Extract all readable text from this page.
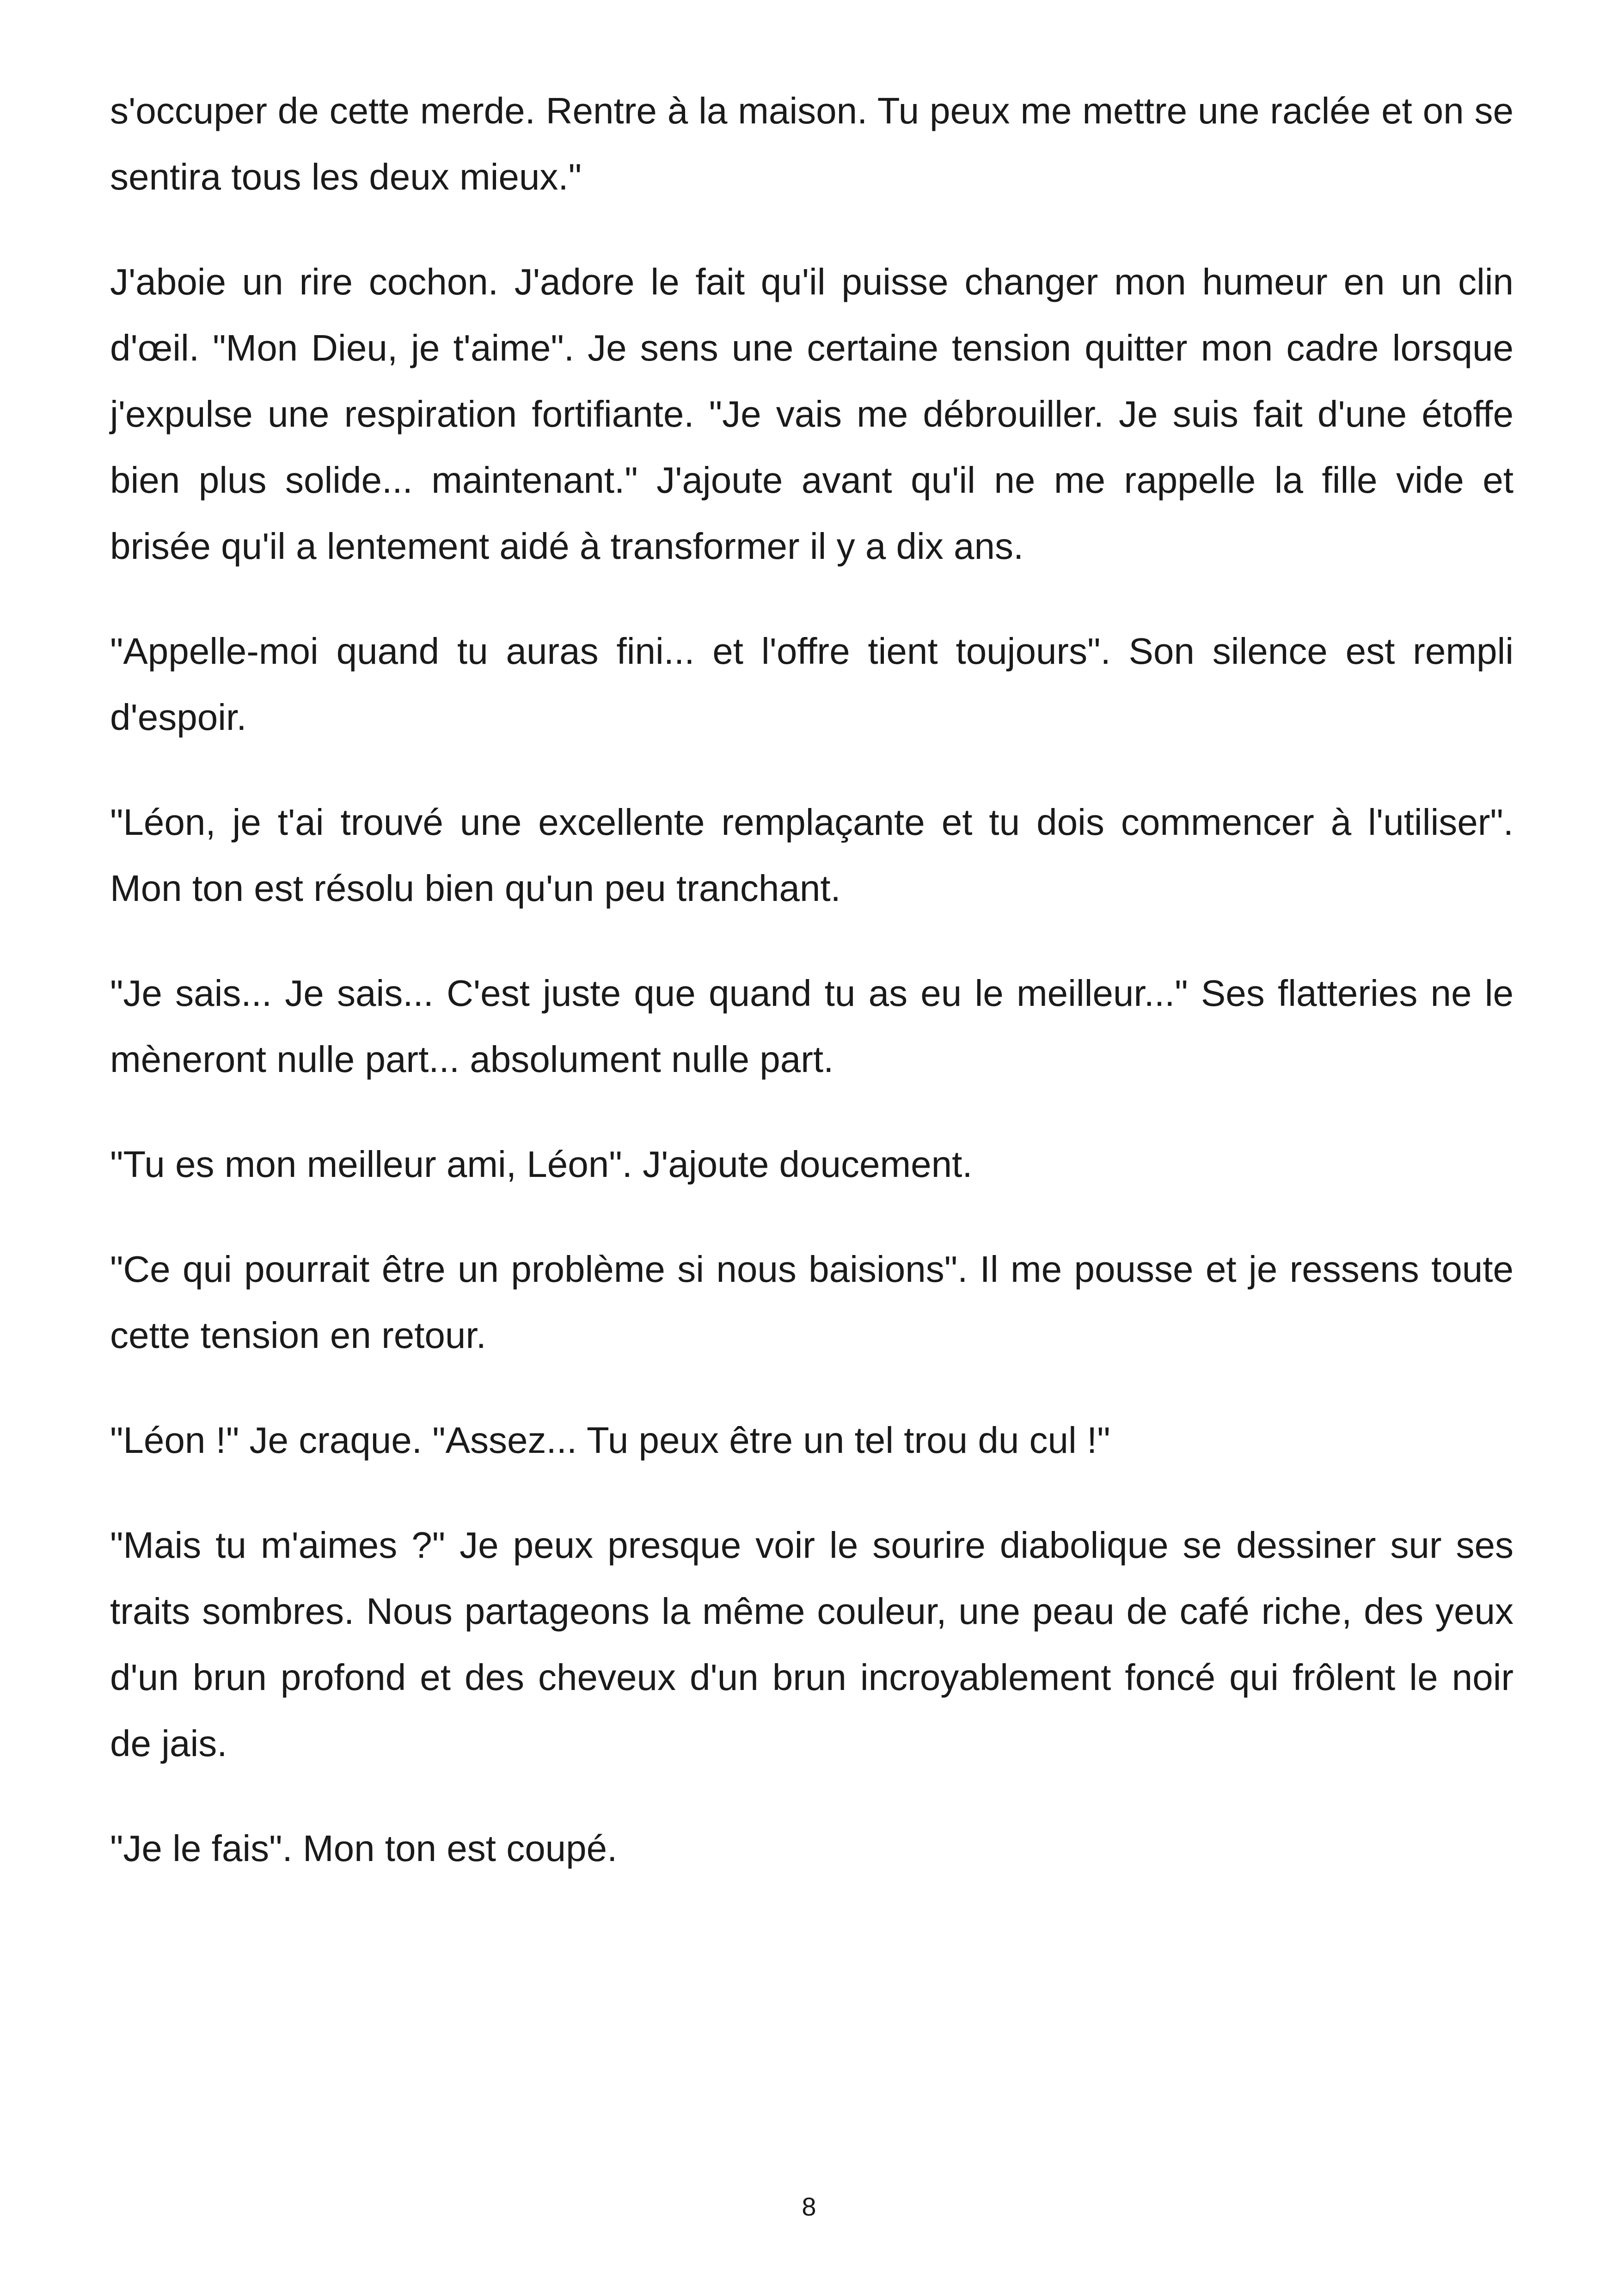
s'occuper de cette merde. Rentre à la maison. Tu peux me mettre une raclée et on se sentira tous les deux mieux."

J'aboie un rire cochon. J'adore le fait qu'il puisse changer mon humeur en un clin d'œil. "Mon Dieu, je t'aime". Je sens une certaine tension quitter mon cadre lorsque j'expulse une respiration fortifiante. "Je vais me débrouiller. Je suis fait d'une étoffe bien plus solide... maintenant." J'ajoute avant qu'il ne me rappelle la fille vide et brisée qu'il a lentement aidé à transformer il y a dix ans.

"Appelle-moi quand tu auras fini... et l'offre tient toujours". Son silence est rempli d'espoir.

"Léon, je t'ai trouvé une excellente remplaçante et tu dois commencer à l'utiliser". Mon ton est résolu bien qu'un peu tranchant.

"Je sais... Je sais... C'est juste que quand tu as eu le meilleur..." Ses flatteries ne le mèneront nulle part... absolument nulle part.

"Tu es mon meilleur ami, Léon". J'ajoute doucement.

"Ce qui pourrait être un problème si nous baisions". Il me pousse et je ressens toute cette tension en retour.

"Léon !" Je craque. "Assez... Tu peux être un tel trou du cul !"

"Mais tu m'aimes ?" Je peux presque voir le sourire diabolique se dessiner sur ses traits sombres. Nous partageons la même couleur, une peau de café riche, des yeux d'un brun profond et des cheveux d'un brun incroyablement foncé qui frôlent le noir de jais.

"Je le fais". Mon ton est coupé.

8
